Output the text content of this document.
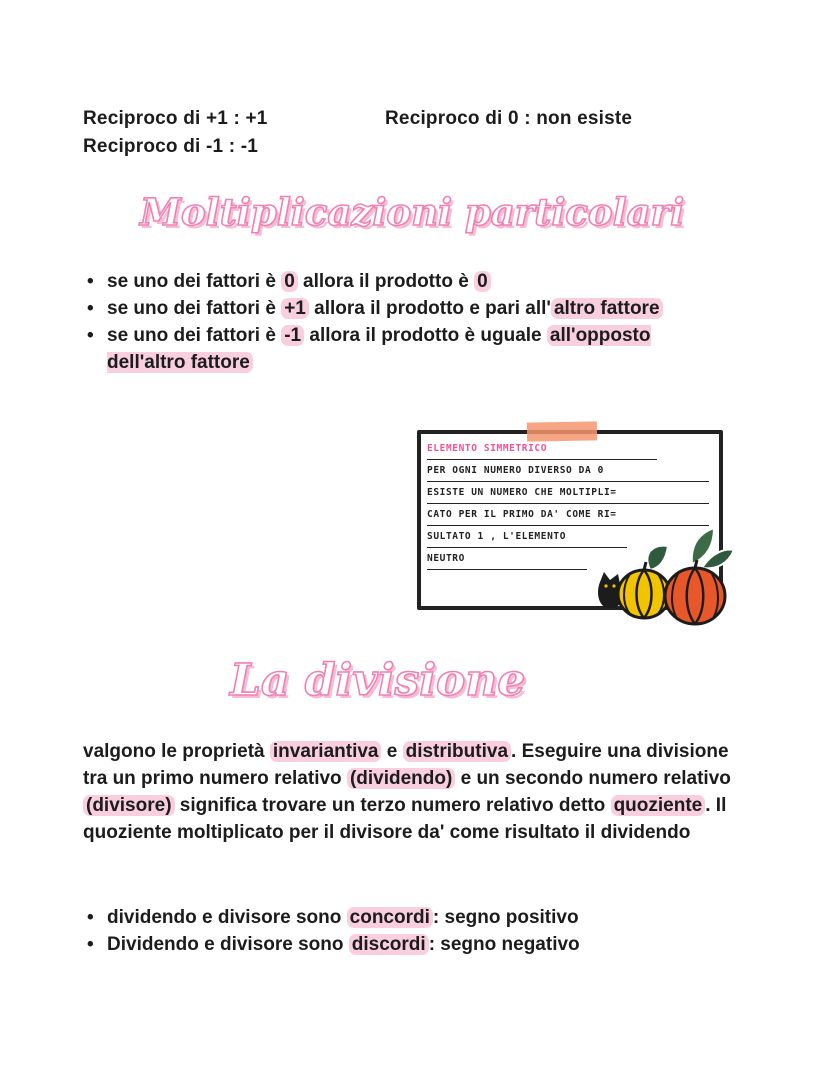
Reciproco di +1 : +1
Reciproco di -1 : -1
Reciproco di 0 : non esiste
Moltiplicazioni particolari
• se uno dei fattori è 0 allora il prodotto è 0
• se uno dei fattori è +1 allora il prodotto e pari all' altro fattore
• se uno dei fattori è -1 allora il prodotto è uguale all'opposto dell'altro fattore
ELEMENTO SIMMETRICO
PER OGNI NUMERO DIVERSO DA 0
ESISTE UN NUMERO CHE MOLTIPLI=
CATO PER IL PRIMO DA' COME RI=
SULTATO 1 , L'ELEMENTO
NEUTRO
La divisione
valgono le proprietà invariantiva e distributiva . Eseguire una divisione tra un primo numero relativo (dividendo) e un secondo numero relativo (divisore) significa trovare un terzo numero relativo detto quoziente . Il quoziente moltiplicato per il divisore da' come risultato il dividendo
• dividendo e divisore sono concordi : segno positivo
• Dividendo e divisore sono discordi : segno negativo
